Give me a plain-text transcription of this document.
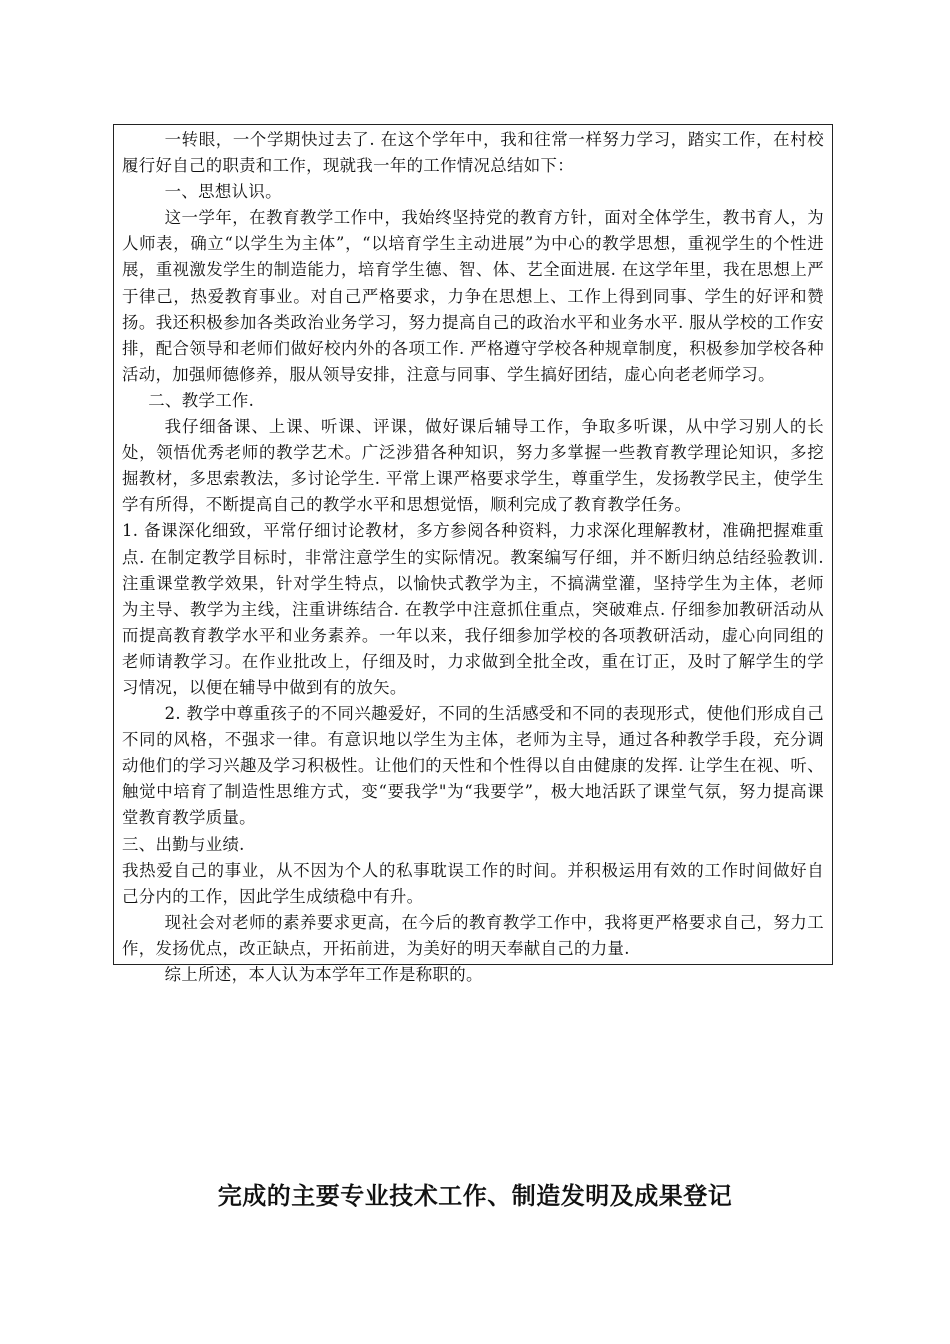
一转眼，一个学期快过去了. 在这个学年中，我和往常一样努力学习，踏实工作，在村校履行好自己的职责和工作，现就我一年的工作情况总结如下：

一、思想认识。

这一学年，在教育教学工作中，我始终坚持党的教育方针，面对全体学生，教书育人，为人师表，确立“以学生为主体”，“以培育学生主动进展”为中心的教学思想，重视学生的个性进展，重视激发学生的制造能力，培育学生德、智、体、艺全面进展. 在这学年里，我在思想上严于律己，热爱教育事业。对自己严格要求，力争在思想上、工作上得到同事、学生的好评和赞扬。我还积极参加各类政治业务学习，努力提高自己的政治水平和业务水平. 服从学校的工作安排，配合领导和老师们做好校内外的各项工作. 严格遵守学校各种规章制度，积极参加学校各种活动，加强师德修养，服从领导安排，注意与同事、学生搞好团结，虚心向老老师学习。

二、教学工作.

我仔细备课、上课、听课、评课，做好课后辅导工作，争取多听课，从中学习别人的长处，领悟优秀老师的教学艺术。广泛涉猎各种知识，努力多掌握一些教育教学理论知识，多挖掘教材，多思索教法，多讨论学生. 平常上课严格要求学生，尊重学生，发扬教学民主，使学生学有所得，不断提高自己的教学水平和思想觉悟，顺利完成了教育教学任务。

1. 备课深化细致，平常仔细讨论教材，多方参阅各种资料，力求深化理解教材，准确把握难重点. 在制定教学目标时，非常注意学生的实际情况。教案编写仔细，并不断归纳总结经验教训. 注重课堂教学效果，针对学生特点，以愉快式教学为主，不搞满堂灌，坚持学生为主体，老师为主导、教学为主线，注重讲练结合. 在教学中注意抓住重点，突破难点. 仔细参加教研活动从而提高教育教学水平和业务素养。一年以来，我仔细参加学校的各项教研活动，虚心向同组的老师请教学习。在作业批改上，仔细及时，力求做到全批全改，重在订正，及时了解学生的学习情况，以便在辅导中做到有的放矢。

2. 教学中尊重孩子的不同兴趣爱好，不同的生活感受和不同的表现形式，使他们形成自己不同的风格，不强求一律。有意识地以学生为主体，老师为主导，通过各种教学手段，充分调动他们的学习兴趣及学习积极性。让他们的天性和个性得以自由健康的发挥. 让学生在视、听、触觉中培育了制造性思维方式，变“要我学"为“我要学”，极大地活跃了课堂气氛，努力提高课堂教育教学质量。

三、出勤与业绩.

我热爱自己的事业，从不因为个人的私事耽误工作的时间。并积极运用有效的工作时间做好自己分内的工作，因此学生成绩稳中有升。

现社会对老师的素养要求更高，在今后的教育教学工作中，我将更严格要求自己，努力工作，发扬优点，改正缺点，开拓前进，为美好的明天奉献自己的力量.

综上所述，本人认为本学年工作是称职的。

完成的主要专业技术工作、制造发明及成果登记
